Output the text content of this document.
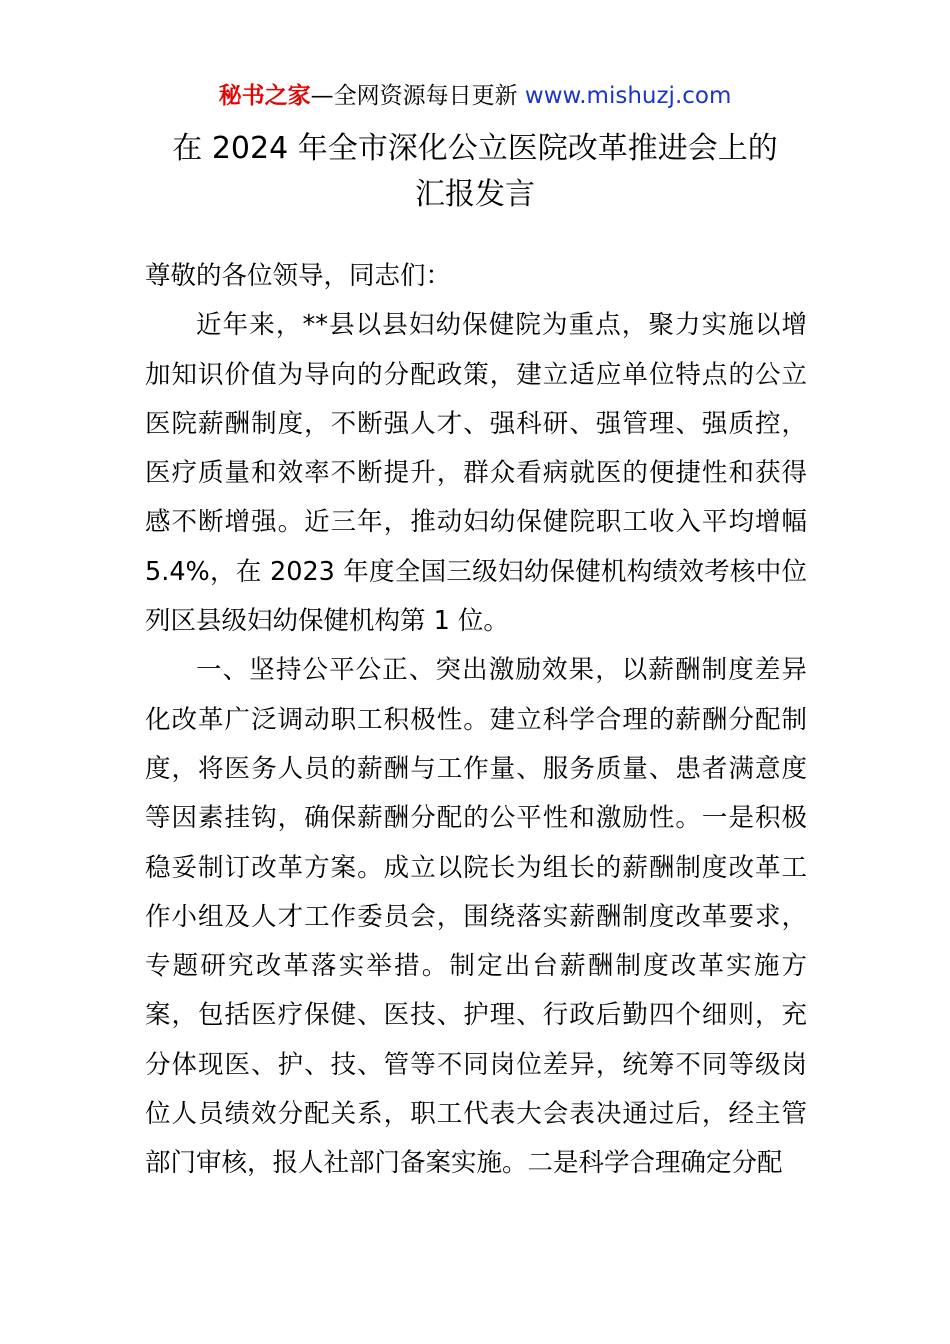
秘书之家—全网资源每日更新 www.mishuzj.com
在 2024 年全市深化公立医院改革推进会上的
汇报发言

尊敬的各位领导，同志们：

近年来，**县以县妇幼保健院为重点，聚力实施以增加知识价值为导向的分配政策，建立适应单位特点的公立医院薪酬制度，不断强人才、强科研、强管理、强质控，医疗质量和效率不断提升，群众看病就医的便捷性和获得感不断增强。近三年，推动妇幼保健院职工收入平均增幅 5.4%，在 2023 年度全国三级妇幼保健机构绩效考核中位列区县级妇幼保健机构第 1 位。

一、坚持公平公正、突出激励效果，以薪酬制度差异化改革广泛调动职工积极性。建立科学合理的薪酬分配制度，将医务人员的薪酬与工作量、服务质量、患者满意度等因素挂钩，确保薪酬分配的公平性和激励性。一是积极稳妥制订改革方案。成立以院长为组长的薪酬制度改革工作小组及人才工作委员会，围绕落实薪酬制度改革要求，专题研究改革落实举措。制定出台薪酬制度改革实施方案，包括医疗保健、医技、护理、行政后勤四个细则，充分体现医、护、技、管等不同岗位差异，统筹不同等级岗位人员绩效分配关系，职工代表大会表决通过后，经主管部门审核，报人社部门备案实施。二是科学合理确定分配
